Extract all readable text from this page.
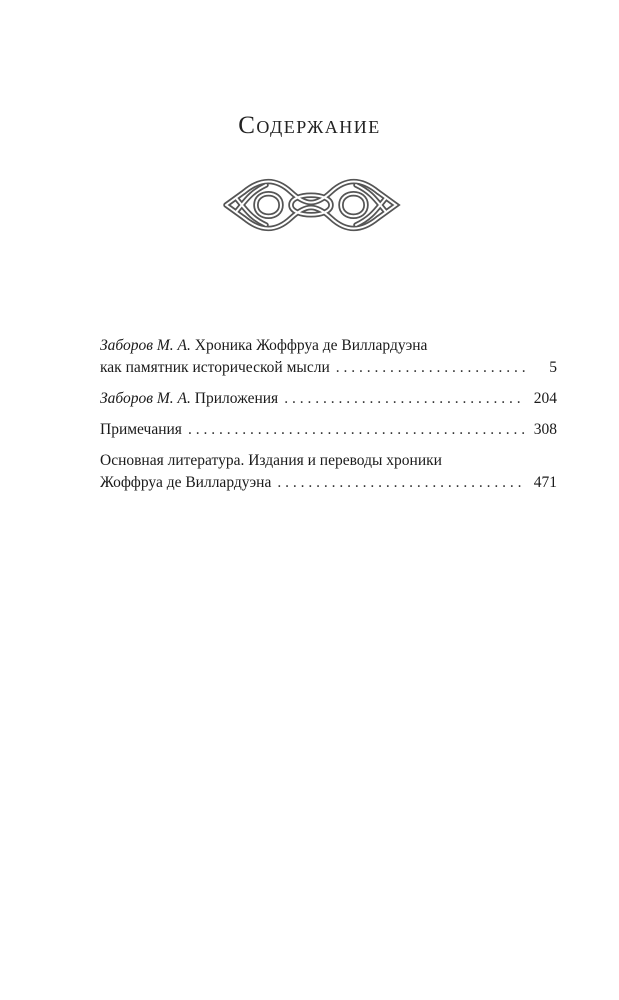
Содержание
Заборов М. А. Хроника Жоффруа де Виллардуэна
как памятник исторической мысли . . .	5
Заборов М. А. Приложения . . .	204
Примечания . . .	308
Основная литература. Издания и переводы хроники
Жоффруа де Виллардуэна . . .	471
